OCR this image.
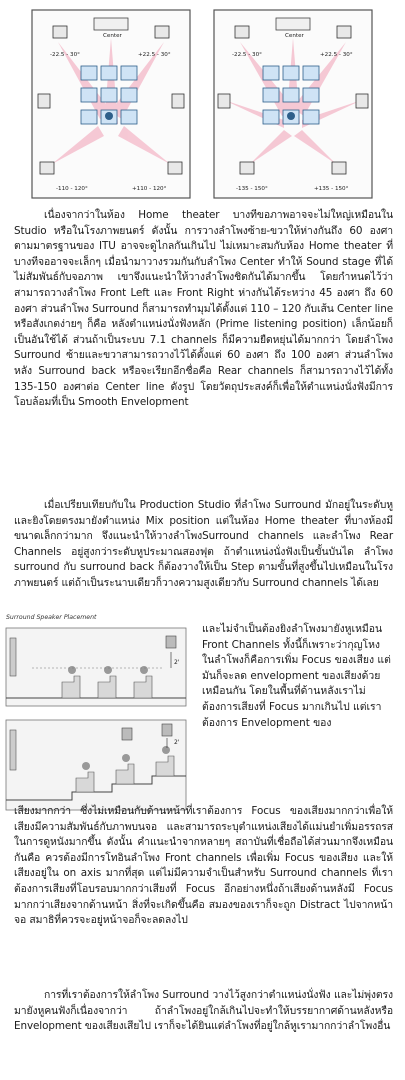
Center
-22.5 - 30°	+22.5 - 30°
-110 - 120°	+110 - 120°
Center
-22.5 - 30°	+22.5 - 30°
-135 - 150°	+135 - 150°

เนื่องจากว่าในห้อง Home theater บางทีขอภาพอาจจะไม่ใหญ่เหมือนใน Studio หรือในโรงภาพยนตร์ ดังนั้น การวางลำโพงซ้าย-ขวาให้ห่างกันถึง 60 องศา ตามมาตรฐานของ ITU อาจจะดูไกลกันเกินไป ไม่เหมาะสมกับห้อง Home theater ที่บางทีจออาจจะเล็กๆ เมื่อนำมาวางรวมกันกับลำโพง Center ทำให้ Sound stage ที่ได้ไม่สัมพันธ์กับจอภาพ เขาจึงแนะนำให้วางลำโพงชิดกันได้มากขึ้น โดยกำหนดไว้ว่าสามารถวางลำโพง Front Left และ Front Right ห่างกันได้ระหว่าง 45 องศา ถึง 60 องศา ส่วนลำโพง Surround ก็สามารถทำมุมได้ตั้งแต่ 110 – 120 กับเส้น Center line หรือสังเกตง่ายๆ ก็คือ หลังตำแหน่งนั่งฟังหลัก (Prime listening position) เล็กน้อยก็เป็นอันใช้ได้ ส่วนถ้าเป็นระบบ 7.1 channels ก็มีความยืดหยุ่นได้มากกว่า โดยลำโพง Surround ซ้ายและขวาสามารถวางไว้ได้ตั้งแต่ 60 องศา ถึง 100 องศา ส่วนลำโพงหลัง Surround back หรือจะเรียกอีกชื่อคือ Rear channels ก็สามารถวางไว้ได้ทั้ง 135-150 องศาต่อ Center line ดังรูป โดยวัตถุประสงค์ก็เพื่อให้ตำแหน่งนั่งฟังมีการโอบล้อมที่เป็น Smooth Envelopment

เมื่อเปรียบเทียบกับใน Production Studio ที่ลำโพง Surround มักอยู่ในระดับหู และยิงโดยตรงมายังตำแหน่ง Mix position แต่ในห้อง Home theater ที่บางห้องมีขนาดเล็กกว่ามาก จึงแนะนำให้วางลำโพงSurround channels และลำโพง Rear Channels อยู่สูงกว่าระดับหูประมาณสองฟุต ถ้าตำแหน่งนั่งฟังเป็นขั้นบันได ลำโพง surround กับ surround back ก็ต้องวางให้เป็น Step ตามขั้นที่สูงขึ้นไปเหมือนในโรงภาพยนตร์ แต่ถ้าเป็นระนาบเดียวก็วางความสูงเดียวกับ Surround channels ได้เลย

Surround Speaker Placement
2'
2'

และไม่จำเป็นต้องยิงลำโพงมายังหูเหมือน Front Channels ทั้งนี้ก็เพราะว่ากุญโหงในลำโพงก็คือการเพิ่ม Focus ของเสียง แต่มันก็จะลด envelopment ของเสียงด้วยเหมือนกัน โดยในพื้นที่ด้านหลังเราไม่ต้องการเสียงที่ Focus มากเกินไป แต่เราต้องการ Envelopment ของ

เสียงมากกว่า ซึ่งไม่เหมือนกับด้านหน้าที่เราต้องการ Focus ของเสียงมากกว่าเพื่อให้เสียงมีความสัมพันธ์กับภาพบนจอ และสามารถระบุตำแหน่งเสียงได้แม่นยำเพิ่มอรรถรสในการดูหนังมากขึ้น ดังนั้น คำแนะนำจากหลายๆ สถาบันที่เชื่อถือได้ส่วนมากจึงเหมือนกันคือ ควรต้องมีการโทอินลำโพง Front channels เพื่อเพิ่ม Focus ของเสียง และให้เสียงอยู่ใน on axis มากที่สุด แต่ไม่มีความจำเป็นสำหรับ Surround channels ที่เราต้องการเสียงที่โอบรอบมากกว่าเสียงที่ Focus อีกอย่างหนึ่งถ้าเสียงด้านหลังมี Focus มากกว่าเสียงจากด้านหน้า สิ่งที่จะเกิดขึ้นคือ สมองของเราก็จะถูก Distract ไปจากหน้าจอ สมาธิที่ควรจะอยู่หน้าจอก็จะลดลงไป

การที่เราต้องการให้ลำโพง Surround วางไว้สูงกว่าตำแหน่งนั่งฟัง และไม่พุ่งตรงมายังหูคนฟังก็เนื่องจากว่า ถ้าลำโพงอยู่ใกล้เกินไปจะทำให้บรรยากาศด้านหลังหรือ Envelopment ของเสียงเสียไป เราก็จะได้ยินแต่ลำโพงที่อยู่ใกล้หูเรามากกว่าลำโพงอื่น
